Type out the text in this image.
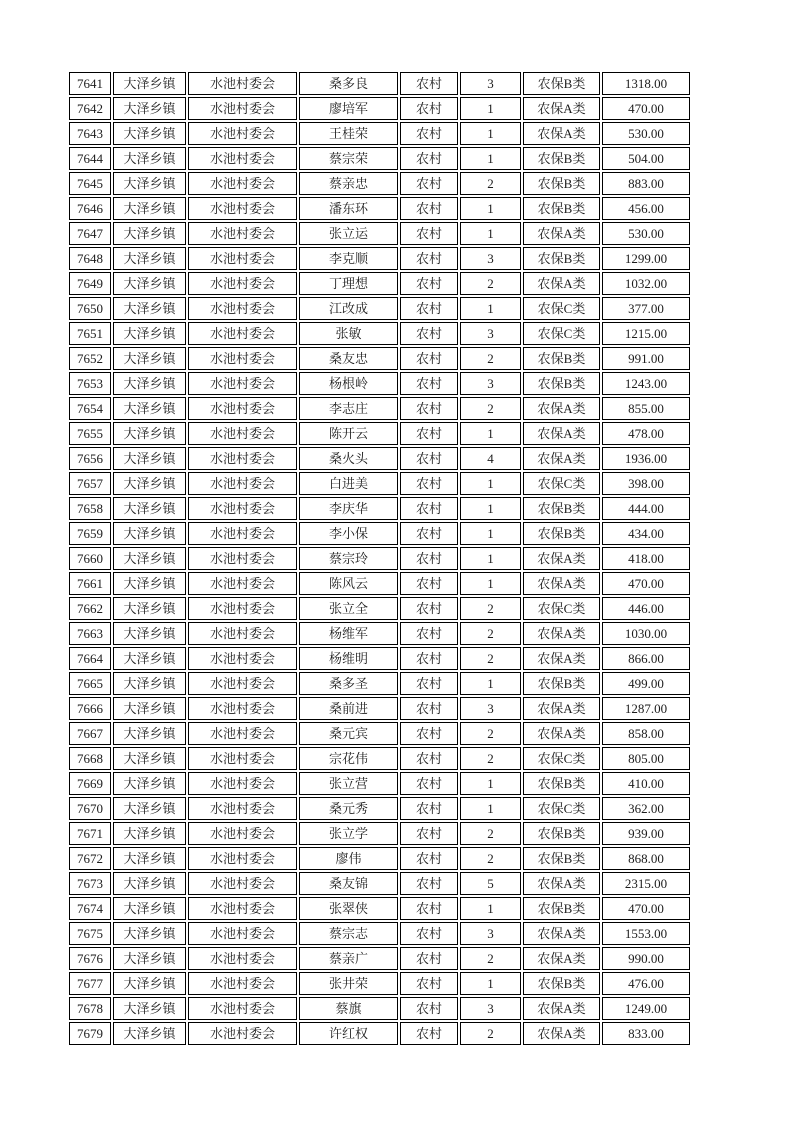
7641	大泽乡镇	水池村委会	桑多良	农村	3	农保B类	1318.00
7642	大泽乡镇	水池村委会	廖培军	农村	1	农保A类	470.00
7643	大泽乡镇	水池村委会	王桂荣	农村	1	农保A类	530.00
7644	大泽乡镇	水池村委会	蔡宗荣	农村	1	农保B类	504.00
7645	大泽乡镇	水池村委会	蔡亲忠	农村	2	农保B类	883.00
7646	大泽乡镇	水池村委会	潘东环	农村	1	农保B类	456.00
7647	大泽乡镇	水池村委会	张立运	农村	1	农保A类	530.00
7648	大泽乡镇	水池村委会	李克顺	农村	3	农保B类	1299.00
7649	大泽乡镇	水池村委会	丁理想	农村	2	农保A类	1032.00
7650	大泽乡镇	水池村委会	江改成	农村	1	农保C类	377.00
7651	大泽乡镇	水池村委会	张敏	农村	3	农保C类	1215.00
7652	大泽乡镇	水池村委会	桑友忠	农村	2	农保B类	991.00
7653	大泽乡镇	水池村委会	杨根岭	农村	3	农保B类	1243.00
7654	大泽乡镇	水池村委会	李志庄	农村	2	农保A类	855.00
7655	大泽乡镇	水池村委会	陈开云	农村	1	农保A类	478.00
7656	大泽乡镇	水池村委会	桑火头	农村	4	农保A类	1936.00
7657	大泽乡镇	水池村委会	白进美	农村	1	农保C类	398.00
7658	大泽乡镇	水池村委会	李庆华	农村	1	农保B类	444.00
7659	大泽乡镇	水池村委会	李小保	农村	1	农保B类	434.00
7660	大泽乡镇	水池村委会	蔡宗玲	农村	1	农保A类	418.00
7661	大泽乡镇	水池村委会	陈风云	农村	1	农保A类	470.00
7662	大泽乡镇	水池村委会	张立全	农村	2	农保C类	446.00
7663	大泽乡镇	水池村委会	杨维军	农村	2	农保A类	1030.00
7664	大泽乡镇	水池村委会	杨维明	农村	2	农保A类	866.00
7665	大泽乡镇	水池村委会	桑多圣	农村	1	农保B类	499.00
7666	大泽乡镇	水池村委会	桑前进	农村	3	农保A类	1287.00
7667	大泽乡镇	水池村委会	桑元宾	农村	2	农保A类	858.00
7668	大泽乡镇	水池村委会	宗花伟	农村	2	农保C类	805.00
7669	大泽乡镇	水池村委会	张立营	农村	1	农保B类	410.00
7670	大泽乡镇	水池村委会	桑元秀	农村	1	农保C类	362.00
7671	大泽乡镇	水池村委会	张立学	农村	2	农保B类	939.00
7672	大泽乡镇	水池村委会	廖伟	农村	2	农保B类	868.00
7673	大泽乡镇	水池村委会	桑友锦	农村	5	农保A类	2315.00
7674	大泽乡镇	水池村委会	张翠侠	农村	1	农保B类	470.00
7675	大泽乡镇	水池村委会	蔡宗志	农村	3	农保A类	1553.00
7676	大泽乡镇	水池村委会	蔡亲广	农村	2	农保A类	990.00
7677	大泽乡镇	水池村委会	张井荣	农村	1	农保B类	476.00
7678	大泽乡镇	水池村委会	蔡旗	农村	3	农保A类	1249.00
7679	大泽乡镇	水池村委会	许红权	农村	2	农保A类	833.00
